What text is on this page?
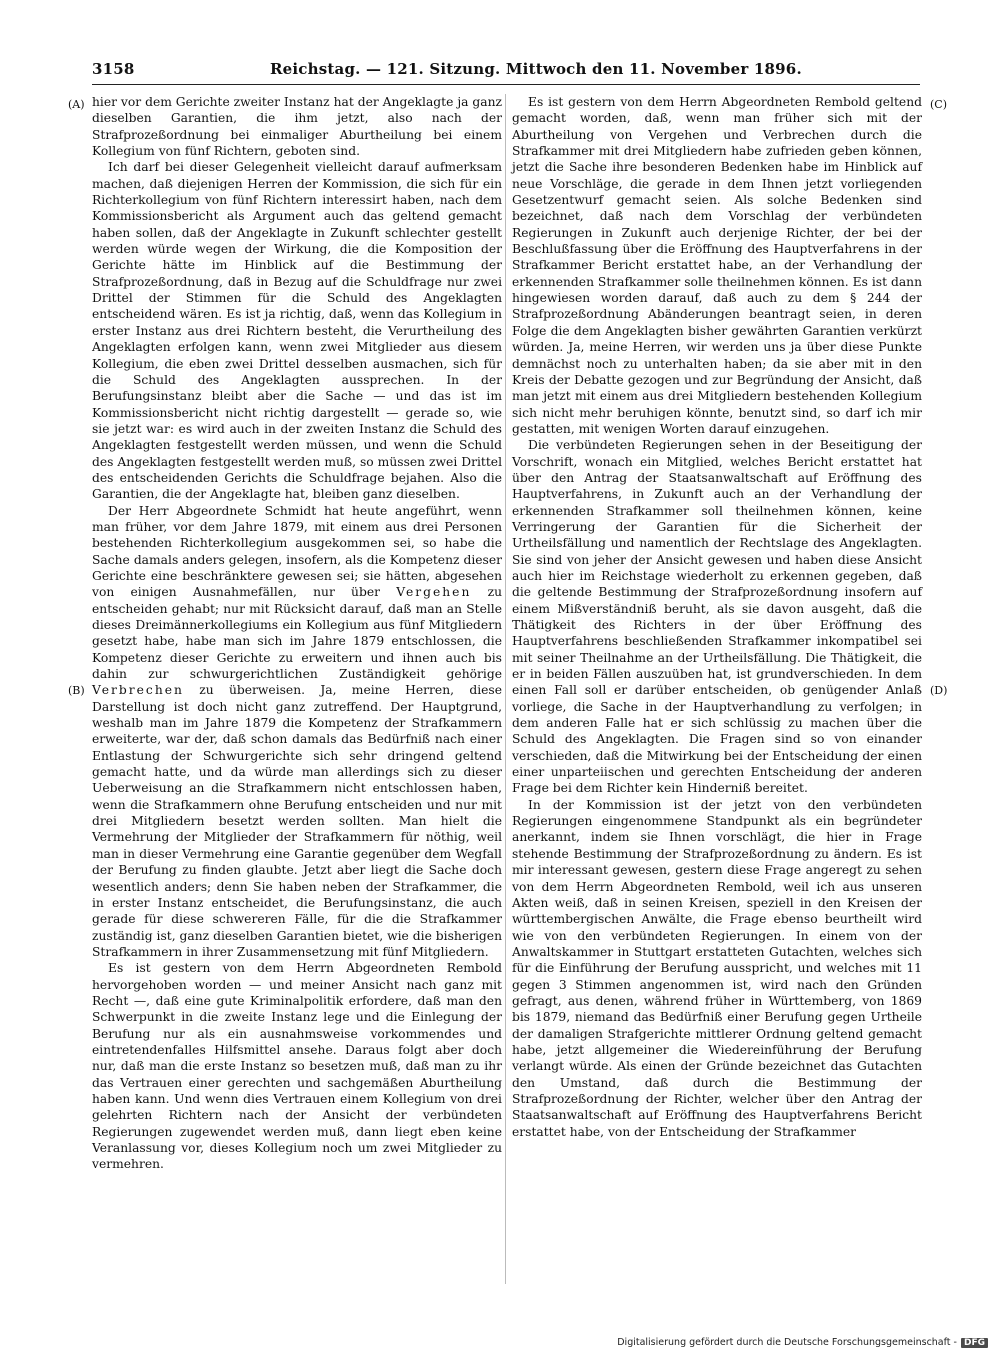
3158	Reichstag. — 121. Sitzung. Mittwoch den 11. November 1896.
(A)
(B)
(C)
(D)

hier vor dem Gerichte zweiter Instanz hat der Angeklagte ja ganz dieselben Garantien, die ihm jetzt, also nach der Strafprozeßordnung bei einmaliger Aburtheilung bei einem Kollegium von fünf Richtern, geboten sind.

Ich darf bei dieser Gelegenheit vielleicht darauf aufmerksam machen, daß diejenigen Herren der Kommission, die sich für ein Richterkollegium von fünf Richtern interessirt haben, nach dem Kommissionsbericht als Argument auch das geltend gemacht haben sollen, daß der Angeklagte in Zukunft schlechter gestellt werden würde wegen der Wirkung, die die Komposition der Gerichte hätte im Hinblick auf die Bestimmung der Strafprozeßordnung, daß in Bezug auf die Schuldfrage nur zwei Drittel der Stimmen für die Schuld des Angeklagten entscheidend wären. Es ist ja richtig, daß, wenn das Kollegium in erster Instanz aus drei Richtern besteht, die Verurtheilung des Angeklagten erfolgen kann, wenn zwei Mitglieder aus diesem Kollegium, die eben zwei Drittel desselben ausmachen, sich für die Schuld des Angeklagten aussprechen. In der Berufungsinstanz bleibt aber die Sache — und das ist im Kommissionsbericht nicht richtig dargestellt — gerade so, wie sie jetzt war: es wird auch in der zweiten Instanz die Schuld des Angeklagten festgestellt werden müssen, und wenn die Schuld des Angeklagten festgestellt werden muß, so müssen zwei Drittel des entscheidenden Gerichts die Schuldfrage bejahen. Also die Garantien, die der Angeklagte hat, bleiben ganz dieselben.

Der Herr Abgeordnete Schmidt hat heute angeführt, wenn man früher, vor dem Jahre 1879, mit einem aus drei Personen bestehenden Richterkollegium ausgekommen sei, so habe die Sache damals anders gelegen, insofern, als die Kompetenz dieser Gerichte eine beschränktere gewesen sei; sie hätten, abgesehen von einigen Ausnahmefällen, nur über Vergehen zu entscheiden gehabt; nur mit Rücksicht darauf, daß man an Stelle dieses Dreimännerkollegiums ein Kollegium aus fünf Mitgliedern gesetzt habe, habe man sich im Jahre 1879 entschlossen, die Kompetenz dieser Gerichte zu erweitern und ihnen auch bis dahin zur schwurgerichtlichen Zuständigkeit gehörige Verbrechen zu überweisen. Ja, meine Herren, diese Darstellung ist doch nicht ganz zutreffend. Der Hauptgrund, weshalb man im Jahre 1879 die Kompetenz der Strafkammern erweiterte, war der, daß schon damals das Bedürfniß nach einer Entlastung der Schwurgerichte sich sehr dringend geltend gemacht hatte, und da würde man allerdings sich zu dieser Ueberweisung an die Strafkammern nicht entschlossen haben, wenn die Strafkammern ohne Berufung entscheiden und nur mit drei Mitgliedern besetzt werden sollten. Man hielt die Vermehrung der Mitglieder der Strafkammern für nöthig, weil man in dieser Vermehrung eine Garantie gegenüber dem Wegfall der Berufung zu finden glaubte. Jetzt aber liegt die Sache doch wesentlich anders; denn Sie haben neben der Strafkammer, die in erster Instanz entscheidet, die Berufungsinstanz, die auch gerade für diese schwereren Fälle, für die die Strafkammer zuständig ist, ganz dieselben Garantien bietet, wie die bisherigen Strafkammern in ihrer Zusammensetzung mit fünf Mitgliedern.

Es ist gestern von dem Herrn Abgeordneten Rembold hervorgehoben worden — und meiner Ansicht nach ganz mit Recht —, daß eine gute Kriminalpolitik erfordere, daß man den Schwerpunkt in die zweite Instanz lege und die Einlegung der Berufung nur als ein ausnahmsweise vorkommendes und eintretendenfalles Hilfsmittel ansehe. Daraus folgt aber doch nur, daß man die erste Instanz so besetzen muß, daß man zu ihr das Vertrauen einer gerechten und sachgemäßen Aburtheilung haben kann. Und wenn dies Vertrauen einem Kollegium von drei gelehrten Richtern nach der Ansicht der verbündeten Regierungen zugewendet werden muß, dann liegt eben keine Veranlassung vor, dieses Kollegium noch um zwei Mitglieder zu vermehren.

Es ist gestern von dem Herrn Abgeordneten Rembold geltend gemacht worden, daß, wenn man früher sich mit der Aburtheilung von Vergehen und Verbrechen durch die Strafkammer mit drei Mitgliedern habe zufrieden geben können, jetzt die Sache ihre besonderen Bedenken habe im Hinblick auf neue Vorschläge, die gerade in dem Ihnen jetzt vorliegenden Gesetzentwurf gemacht seien. Als solche Bedenken sind bezeichnet, daß nach dem Vorschlag der verbündeten Regierungen in Zukunft auch derjenige Richter, der bei der Beschlußfassung über die Eröffnung des Hauptverfahrens in der Strafkammer Bericht erstattet habe, an der Verhandlung der erkennenden Strafkammer solle theilnehmen können. Es ist dann hingewiesen worden darauf, daß auch zu dem § 244 der Strafprozeßordnung Abänderungen beantragt seien, in deren Folge die dem Angeklagten bisher gewährten Garantien verkürzt würden. Ja, meine Herren, wir werden uns ja über diese Punkte demnächst noch zu unterhalten haben; da sie aber mit in den Kreis der Debatte gezogen und zur Begründung der Ansicht, daß man jetzt mit einem aus drei Mitgliedern bestehenden Kollegium sich nicht mehr beruhigen könnte, benutzt sind, so darf ich mir gestatten, mit wenigen Worten darauf einzugehen.

Die verbündeten Regierungen sehen in der Beseitigung der Vorschrift, wonach ein Mitglied, welches Bericht erstattet hat über den Antrag der Staatsanwaltschaft auf Eröffnung des Hauptverfahrens, in Zukunft auch an der Verhandlung der erkennenden Strafkammer soll theilnehmen können, keine Verringerung der Garantien für die Sicherheit der Urtheilsfällung und namentlich der Rechtslage des Angeklagten. Sie sind von jeher der Ansicht gewesen und haben diese Ansicht auch hier im Reichstage wiederholt zu erkennen gegeben, daß die geltende Bestimmung der Strafprozeßordnung insofern auf einem Mißverständniß beruht, als sie davon ausgeht, daß die Thätigkeit des Richters in der über Eröffnung des Hauptverfahrens beschließenden Strafkammer inkompatibel sei mit seiner Theilnahme an der Urtheilsfällung. Die Thätigkeit, die er in beiden Fällen auszuüben hat, ist grundverschieden. In dem einen Fall soll er darüber entscheiden, ob genügender Anlaß vorliege, die Sache in der Hauptverhandlung zu verfolgen; in dem anderen Falle hat er sich schlüssig zu machen über die Schuld des Angeklagten. Die Fragen sind so von einander verschieden, daß die Mitwirkung bei der Entscheidung der einen einer unparteiischen und gerechten Entscheidung der anderen Frage bei dem Richter kein Hinderniß bereitet.

In der Kommission ist der jetzt von den verbündeten Regierungen eingenommene Standpunkt als ein begründeter anerkannt, indem sie Ihnen vorschlägt, die hier in Frage stehende Bestimmung der Strafprozeßordnung zu ändern. Es ist mir interessant gewesen, gestern diese Frage angeregt zu sehen von dem Herrn Abgeordneten Rembold, weil ich aus unseren Akten weiß, daß in seinen Kreisen, speziell in den Kreisen der württembergischen Anwälte, die Frage ebenso beurtheilt wird wie von den verbündeten Regierungen. In einem von der Anwaltskammer in Stuttgart erstatteten Gutachten, welches sich für die Einführung der Berufung ausspricht, und welches mit 11 gegen 3 Stimmen angenommen ist, wird nach den Gründen gefragt, aus denen, während früher in Württemberg, von 1869 bis 1879, niemand das Bedürfniß einer Berufung gegen Urtheile der damaligen Strafgerichte mittlerer Ordnung geltend gemacht habe, jetzt allgemeiner die Wiedereinführung der Berufung verlangt würde. Als einen der Gründe bezeichnet das Gutachten den Umstand, daß durch die Bestimmung der Strafprozeßordnung der Richter, welcher über den Antrag der Staatsanwaltschaft auf Eröffnung des Hauptverfahrens Bericht erstattet habe, von der Entscheidung der Strafkammer

Digitalisierung gefördert durch die Deutsche Forschungsgemeinschaft - DFG
